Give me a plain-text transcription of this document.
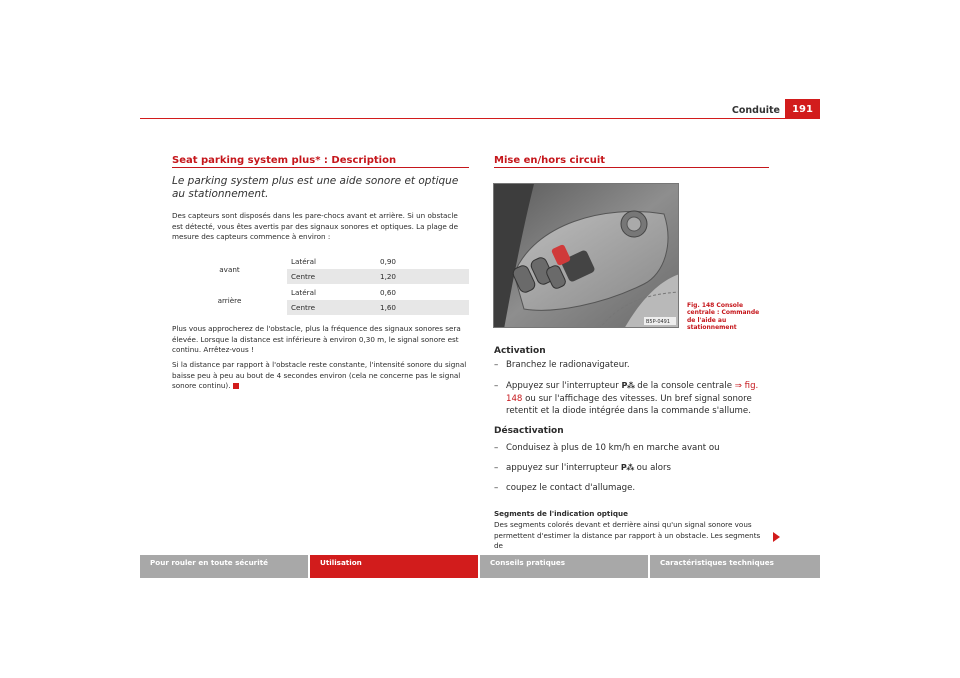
Conduite	191
Seat parking system plus* : Description
Le parking system plus est une aide sonore et optique au stationnement.

Des capteurs sont disposés dans les pare-chocs avant et arrière. Si un obstacle est détecté, vous êtes avertis par des signaux sonores et optiques. La plage de mesure des capteurs commence à environ :

avant
Latéral	0,90
Centre	1,20
arrière
Latéral	0,60
Centre	1,60

Plus vous approcherez de l'obstacle, plus la fréquence des signaux sonores sera élevée. Lorsque la distance est inférieure à environ 0,30 m, le signal sonore est continu. Arrêtez-vous !

Si la distance par rapport à l'obstacle reste constante, l'intensité sonore du signal baisse peu à peu au bout de 4 secondes environ (cela ne concerne pas le signal sonore continu).

Mise en/hors circuit
B5P-0491
Fig. 148 Console centrale : Commande de l'aide au stationnement
Activation
– Branchez le radionavigateur.
– Appuyez sur l'interrupteur P⁂ de la console centrale ⇒ fig. 148 ou sur l'affichage des vitesses. Un bref signal sonore retentit et la diode intégrée dans la commande s'allume.
Désactivation
– Conduisez à plus de 10 km/h en marche avant ou
– appuyez sur l'interrupteur P⁂ ou alors
– coupez le contact d'allumage.
Segments de l'indication optique

Des segments colorés devant et derrière ainsi qu'un signal sonore vous permettent d'estimer la distance par rapport à un obstacle. Les segments de

Pour rouler en toute sécurité	Utilisation	Conseils pratiques	Caractéristiques techniques
